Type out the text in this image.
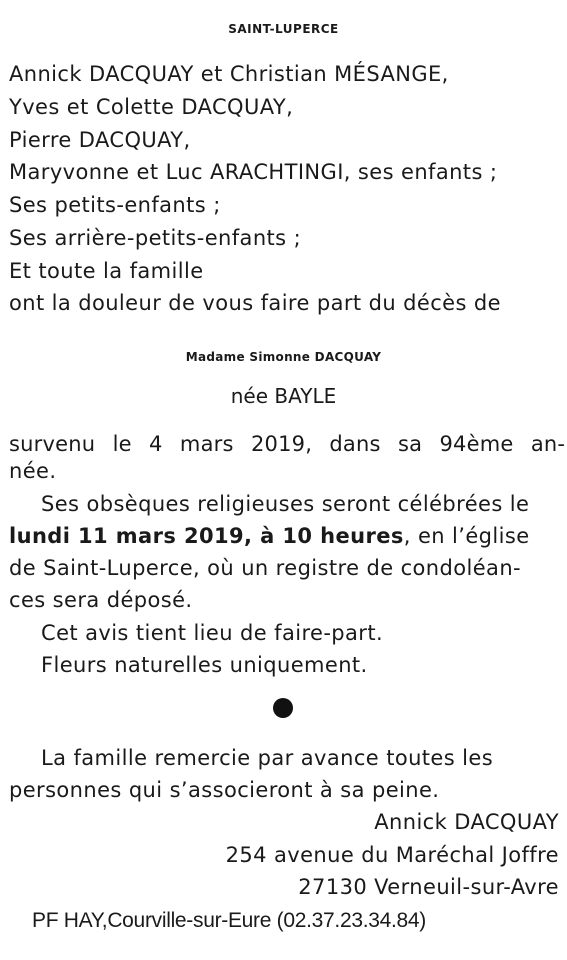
SAINT-LUPERCE
Annick DACQUAY et Christian MÉSANGE,
Yves et Colette DACQUAY,
Pierre DACQUAY,
Maryvonne et Luc ARACHTINGI, ses enfants ;
Ses petits-enfants ;
Ses arrière-petits-enfants ;
Et toute la famille
ont la douleur de vous faire part du décès de
Madame Simonne DACQUAY
née BAYLE
survenu le 4 mars 2019, dans sa 94ème an-
née.
Ses obsèques religieuses seront célébrées le
lundi 11 mars 2019, à 10 heures, en l’église
de Saint-Luperce, où un registre de condoléan-
ces sera déposé.
Cet avis tient lieu de faire-part.
Fleurs naturelles uniquement.
La famille remercie par avance toutes les
personnes qui s’associeront à sa peine.
Annick DACQUAY
254 avenue du Maréchal Joffre
27130 Verneuil-sur-Avre
PF HAY,Courville-sur-Eure (02.37.23.34.84)
